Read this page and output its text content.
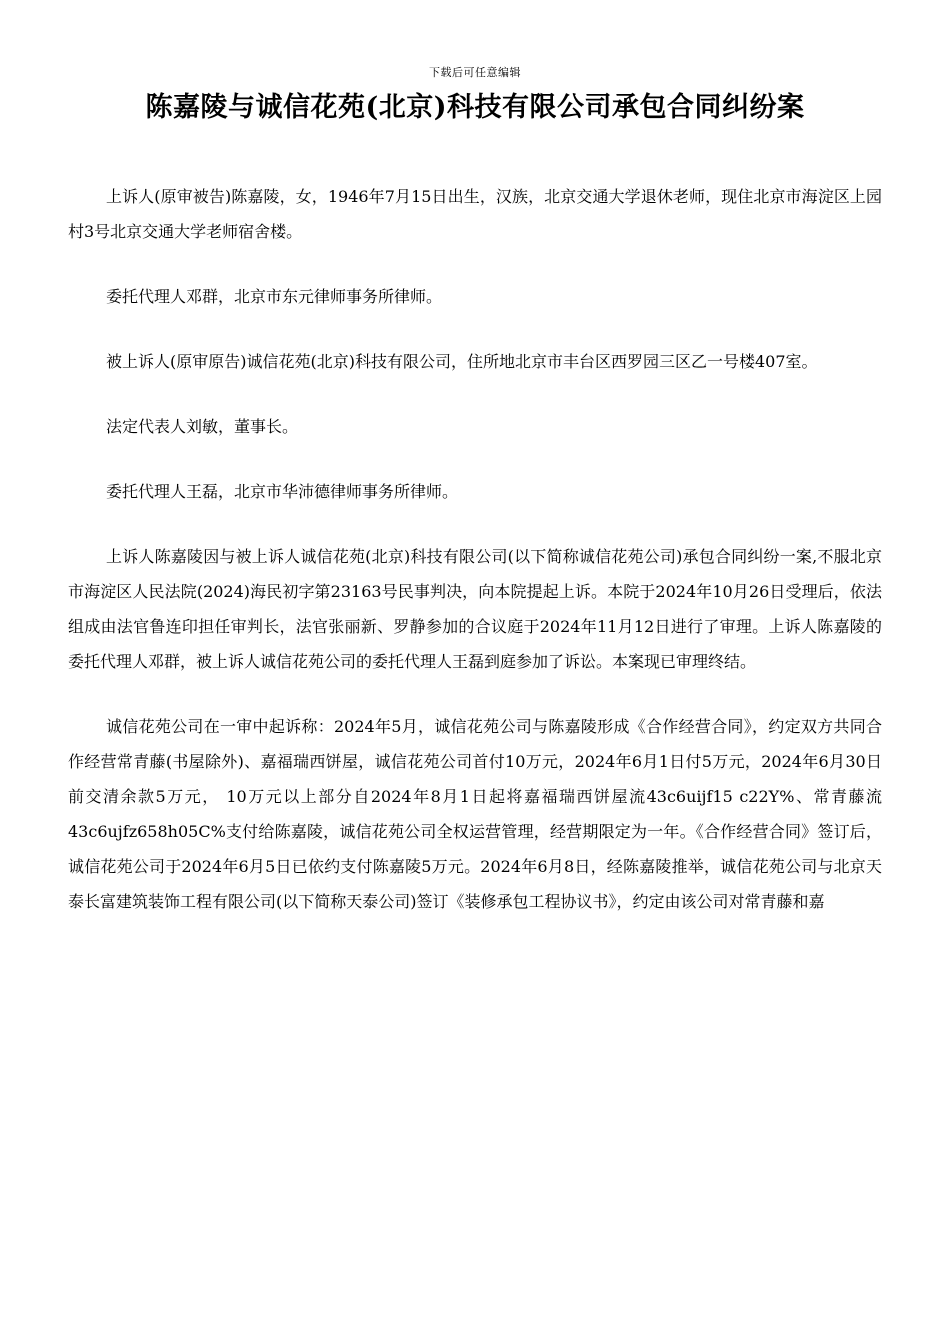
下载后可任意编辑
陈嘉陵与诚信花苑(北京)科技有限公司承包合同纠纷案

上诉人(原审被告)陈嘉陵，女，1946年7月15日出生，汉族，北京交通大学退休老师，现住北京市海淀区上园村3号北京交通大学老师宿舍楼。

委托代理人邓群，北京市东元律师事务所律师。

被上诉人(原审原告)诚信花苑(北京)科技有限公司，住所地北京市丰台区西罗园三区乙一号楼407室。

法定代表人刘敏，董事长。

委托代理人王磊，北京市华沛德律师事务所律师。

上诉人陈嘉陵因与被上诉人诚信花苑(北京)科技有限公司(以下简称诚信花苑公司)承包合同纠纷一案,不服北京市海淀区人民法院(2024)海民初字第23163号民事判决，向本院提起上诉。本院于2024年10月26日受理后，依法组成由法官鲁连印担任审判长，法官张丽新、罗静参加的合议庭于2024年11月12日进行了审理。上诉人陈嘉陵的委托代理人邓群，被上诉人诚信花苑公司的委托代理人王磊到庭参加了诉讼。本案现已审理终结。

诚信花苑公司在一审中起诉称：2024年5月，诚信花苑公司与陈嘉陵形成《合作经营合同》，约定双方共同合作经营常青藤(书屋除外)、嘉福瑞西饼屋，诚信花苑公司首付10万元，2024年6月1日付5万元，2024年6月30日前交清余款5万元， 10万元以上部分自2024年8月1日起将嘉福瑞西饼屋流43c6uijf15 c22Y%、常青藤流43c6ujfz658h05C%支付给陈嘉陵，诚信花苑公司全权运营管理，经营期限定为一年。《合作经营合同》签订后，诚信花苑公司于2024年6月5日已依约支付陈嘉陵5万元。2024年6月8日，经陈嘉陵推举，诚信花苑公司与北京天泰长富建筑装饰工程有限公司(以下简称天泰公司)签订《装修承包工程协议书》，约定由该公司对常青藤和嘉
